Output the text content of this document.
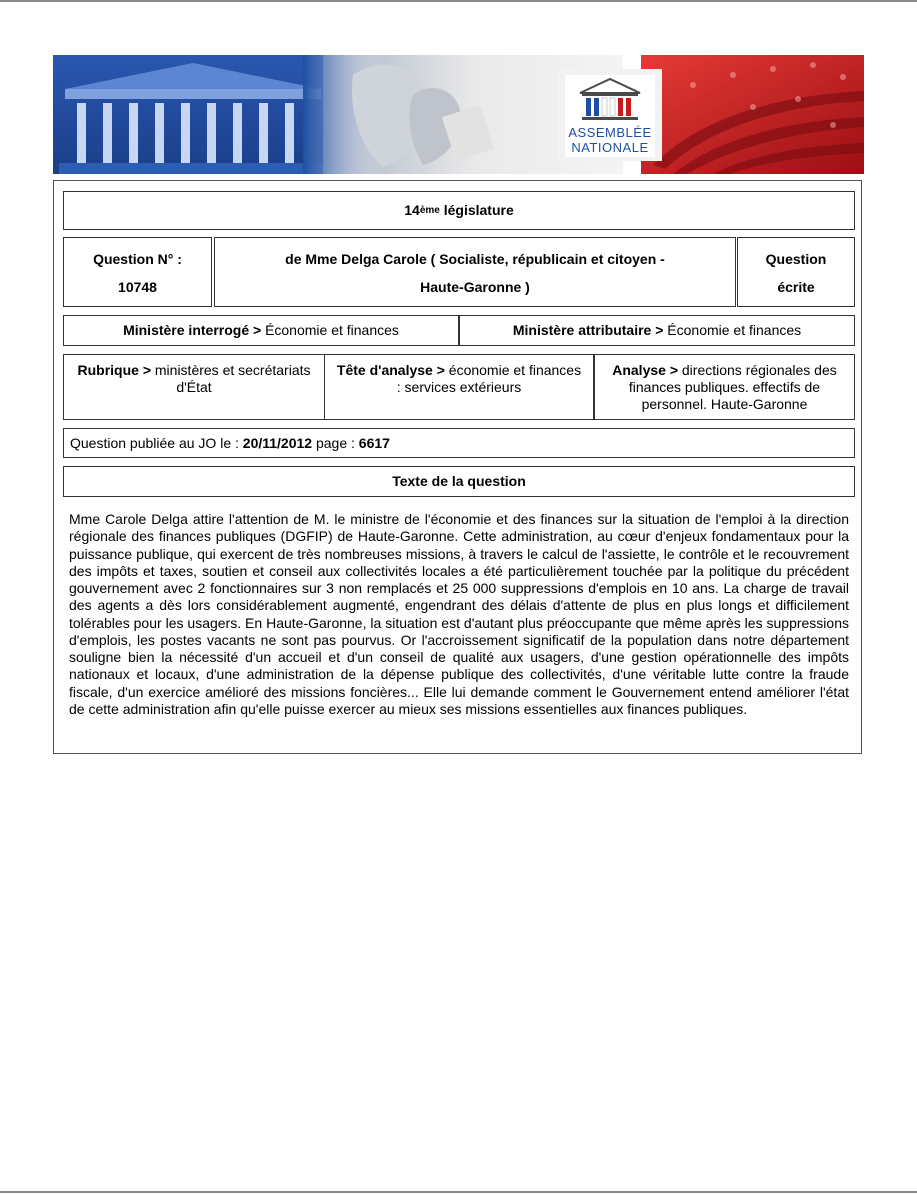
ASSEMBLÉE
NATIONALE
14 ème
législature
Question N° :
10748
de Mme Delga Carole ( Socialiste, républicain et citoyen -
Haute-Garonne )
Question
écrite
Ministère interrogé >
Économie et finances	Ministère attributaire >
Économie et finances
Rubrique > ministères et secrétariats d'État
Tête d'analyse > économie et finances : services extérieurs
Analyse > directions régionales des finances publiques. effectifs de personnel. Haute-Garonne
Question publiée au JO le :
20/11/2012
page :
6617
Texte de la question
Mme Carole Delga attire l'attention de M. le ministre de l'économie et des finances sur la situation de l'emploi à la direction régionale des finances publiques (DGFIP) de Haute-Garonne. Cette administration, au cœur d'enjeux fondamentaux pour la puissance publique, qui exercent de très nombreuses missions, à travers le calcul de l'assiette, le contrôle et le recouvrement des impôts et taxes, soutien et conseil aux collectivités locales a été particulièrement touchée par la politique du précédent gouvernement avec 2 fonctionnaires sur 3 non remplacés et 25 000 suppressions d'emplois en 10 ans. La charge de travail des agents a dès lors considérablement augmenté, engendrant des délais d'attente de plus en plus longs et difficilement tolérables pour les usagers. En Haute-Garonne, la situation est d'autant plus préoccupante que même après les suppressions d'emplois, les postes vacants ne sont pas pourvus. Or l'accroissement significatif de la population dans notre département souligne bien la nécessité d'un accueil et d'un conseil de qualité aux usagers, d'une gestion opérationnelle des impôts nationaux et locaux, d'une administration de la dépense publique des collectivités, d'une véritable lutte contre la fraude fiscale, d'un exercice amélioré des missions foncières... Elle lui demande comment le Gouvernement entend améliorer l'état de cette administration afin qu'elle puisse exercer au mieux ses missions essentielles aux finances publiques.
